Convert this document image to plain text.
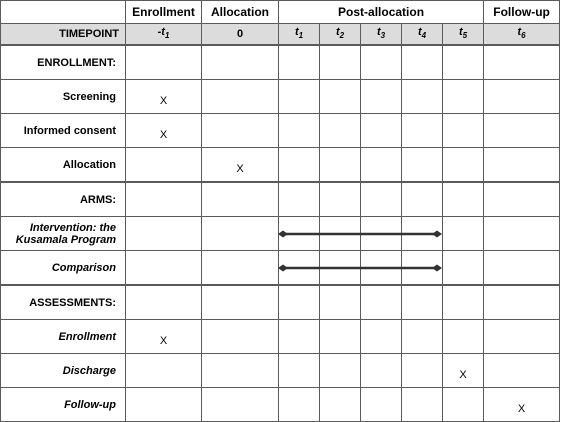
	Enrollment	Allocation	Post-allocation					Follow-up
TIMEPOINT	$-t_1$	0	$t_1$	$t_2$	$t_3$	$t_4$	$t_5$	$t_6$
ENROLLMENT:								
Screening	X							
Informed consent	X							
Allocation		X						
ARMS:								
Intervention: the Kusamala Program								
Comparison								
ASSESSMENTS:								
Enrollment	X							
Discharge							X	
Follow-up								X
